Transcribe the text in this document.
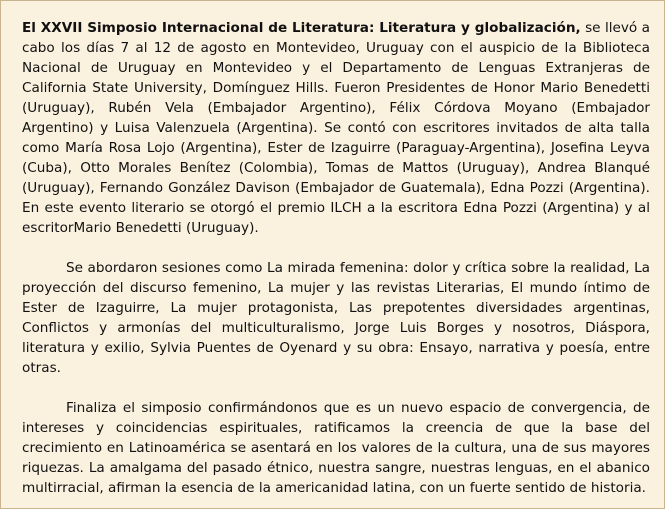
El XXVII Simposio Internacional de Literatura: Literatura y globalización, se llevó a cabo los días 7 al 12 de agosto en Montevideo, Uruguay con el auspicio de la Biblioteca Nacional de Uruguay en Montevideo y el Departamento de Lenguas Extranjeras de California State University, Domínguez Hills. Fueron Presidentes de Honor Mario Benedetti (Uruguay), Rubén Vela (Embajador Argentino), Félix Córdova Moyano (Embajador Argentino) y Luisa Valenzuela (Argentina). Se contó con escritores invitados de alta talla como María Rosa Lojo (Argentina), Ester de Izaguirre (Paraguay-Argentina), Josefina Leyva (Cuba), Otto Morales Benítez (Colombia), Tomas de Mattos (Uruguay), Andrea Blanqué (Uruguay), Fernando González Davison (Embajador de Guatemala), Edna Pozzi (Argentina). En este evento literario se otorgó el premio ILCH a la escritora Edna Pozzi (Argentina) y al escritorMario Benedetti (Uruguay).

Se abordaron sesiones como La mirada femenina: dolor y crítica sobre la realidad, La proyección del discurso femenino, La mujer y las revistas Literarias, El mundo íntimo de Ester de Izaguirre, La mujer protagonista, Las prepotentes diversidades argentinas, Conflictos y armonías del multiculturalismo, Jorge Luis Borges y nosotros, Diáspora, literatura y exilio, Sylvia Puentes de Oyenard y su obra: Ensayo, narrativa y poesía, entre otras.

Finaliza el simposio confirmándonos que es un nuevo espacio de convergencia, de intereses y coincidencias espirituales, ratificamos la creencia de que la base del crecimiento en Latinoamérica se asentará en los valores de la cultura, una de sus mayores riquezas. La amalgama del pasado étnico, nuestra sangre, nuestras lenguas, en el abanico multirracial, afirman la esencia de la americanidad latina, con un fuerte sentido de historia.
